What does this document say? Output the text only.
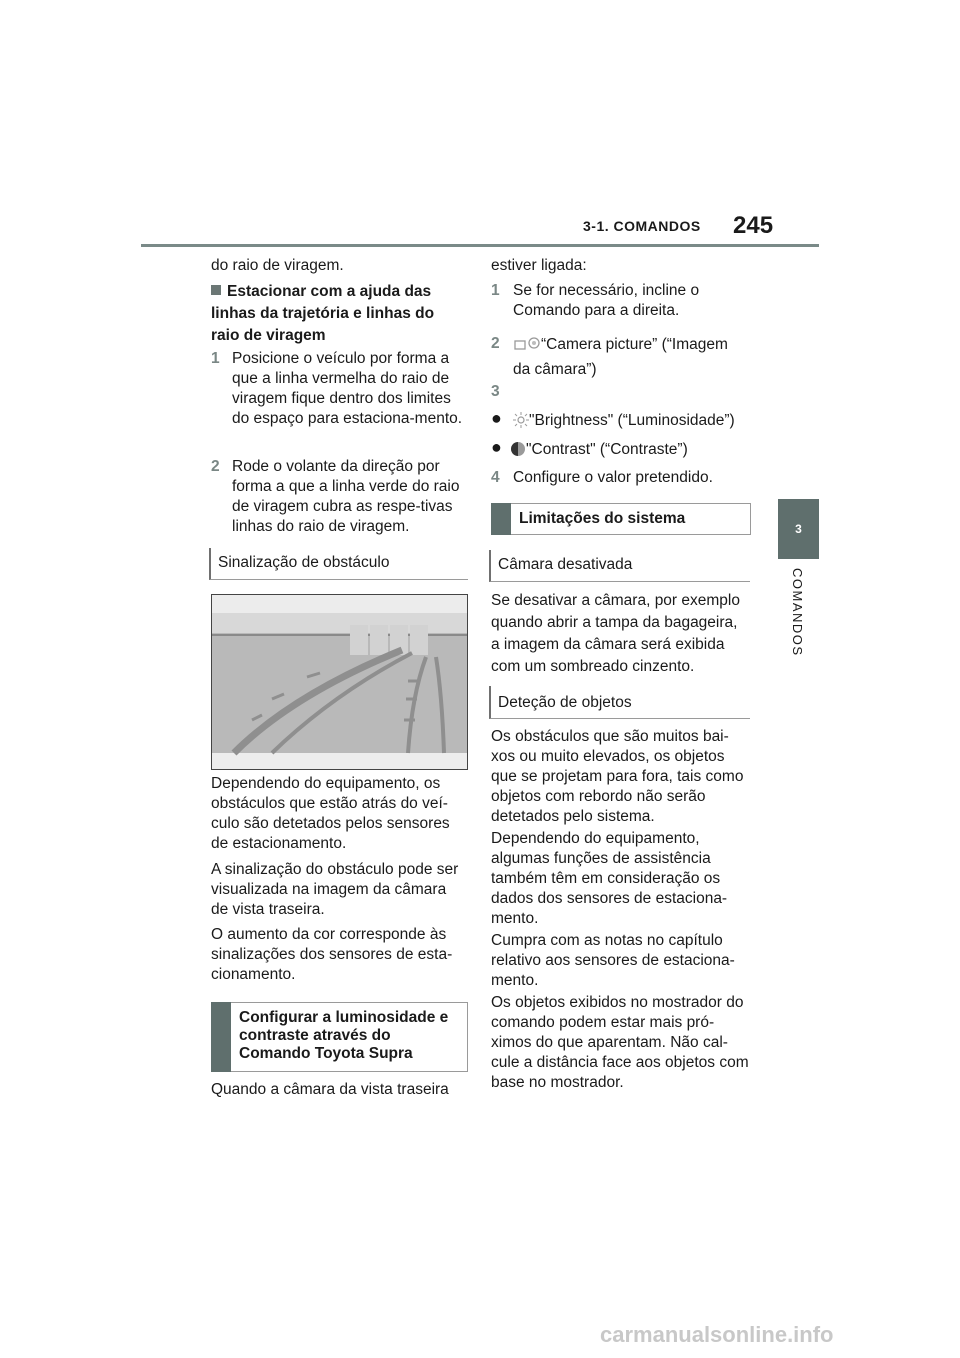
3-1. COMANDOS 245
3
COMANDOS

do raio de viragem.

Estacionar com a ajuda das linhas da trajetória e linhas do raio de viragem
1 Posicione o veículo por forma a que a linha vermelha do raio de viragem fique dentro dos limites do espaço para estaciona-mento.

2 Rode o volante da direção por forma a que a linha verde do raio de viragem cubra as respe-tivas linhas do raio de viragem.

Sinalização de obstáculo

Dependendo do equipamento, os obstáculos que estão atrás do veí-culo são detetados pelos sensores de estacionamento.

A sinalização do obstáculo pode ser visualizada na imagem da câmara de vista traseira.

O aumento da cor corresponde às sinalizações dos sensores de esta-cionamento.

Configurar a luminosidade e contraste através do Comando Toyota Supra

Quando a câmara da vista traseira

estiver ligada:

1 Se for necessário, incline o Comando para a direita.

2	“Camera picture” (“Imagem da câmara”)
3
●	"Brightness" (“Luminosidade”)
●	"Contrast" (“Contraste”)
4 Configure o valor pretendido.

Limitações do sistema
Câmara desativada

Se desativar a câmara, por exemplo quando abrir a tampa da bagageira, a imagem da câmara será exibida com um sombreado cinzento.

Deteção de objetos

Os obstáculos que são muitos bai-xos ou muito elevados, os objetos que se projetam para fora, tais como objetos com rebordo não serão detetados pelo sistema.

Dependendo do equipamento, algumas funções de assistência também têm em consideração os dados dos sensores de estaciona-mento.

Cumpra com as notas no capítulo relativo aos sensores de estaciona-mento.

Os objetos exibidos no mostrador do comando podem estar mais pró-ximos do que aparentam. Não cal-cule a distância face aos objetos com base no mostrador.

carmanualsonline.info
